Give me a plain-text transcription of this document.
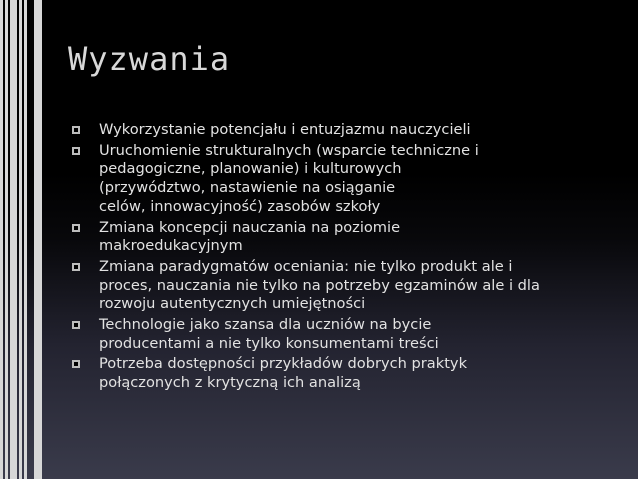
Wyzwania
Wykorzystanie potencjału i entuzjazmu nauczycieli
Uruchomienie strukturalnych (wsparcie techniczne i
pedagogiczne, planowanie) i kulturowych
(przywództwo, nastawienie na osiąganie
celów, innowacyjność) zasobów szkoły
Zmiana koncepcji nauczania na poziomie
makroedukacyjnym
Zmiana paradygmatów oceniania: nie tylko produkt ale i
proces, nauczania nie tylko na potrzeby egzaminów ale i dla
rozwoju autentycznych umiejętności
Technologie jako szansa dla uczniów na bycie
producentami a nie tylko konsumentami treści
Potrzeba dostępności przykładów dobrych praktyk
połączonych z krytyczną ich analizą
